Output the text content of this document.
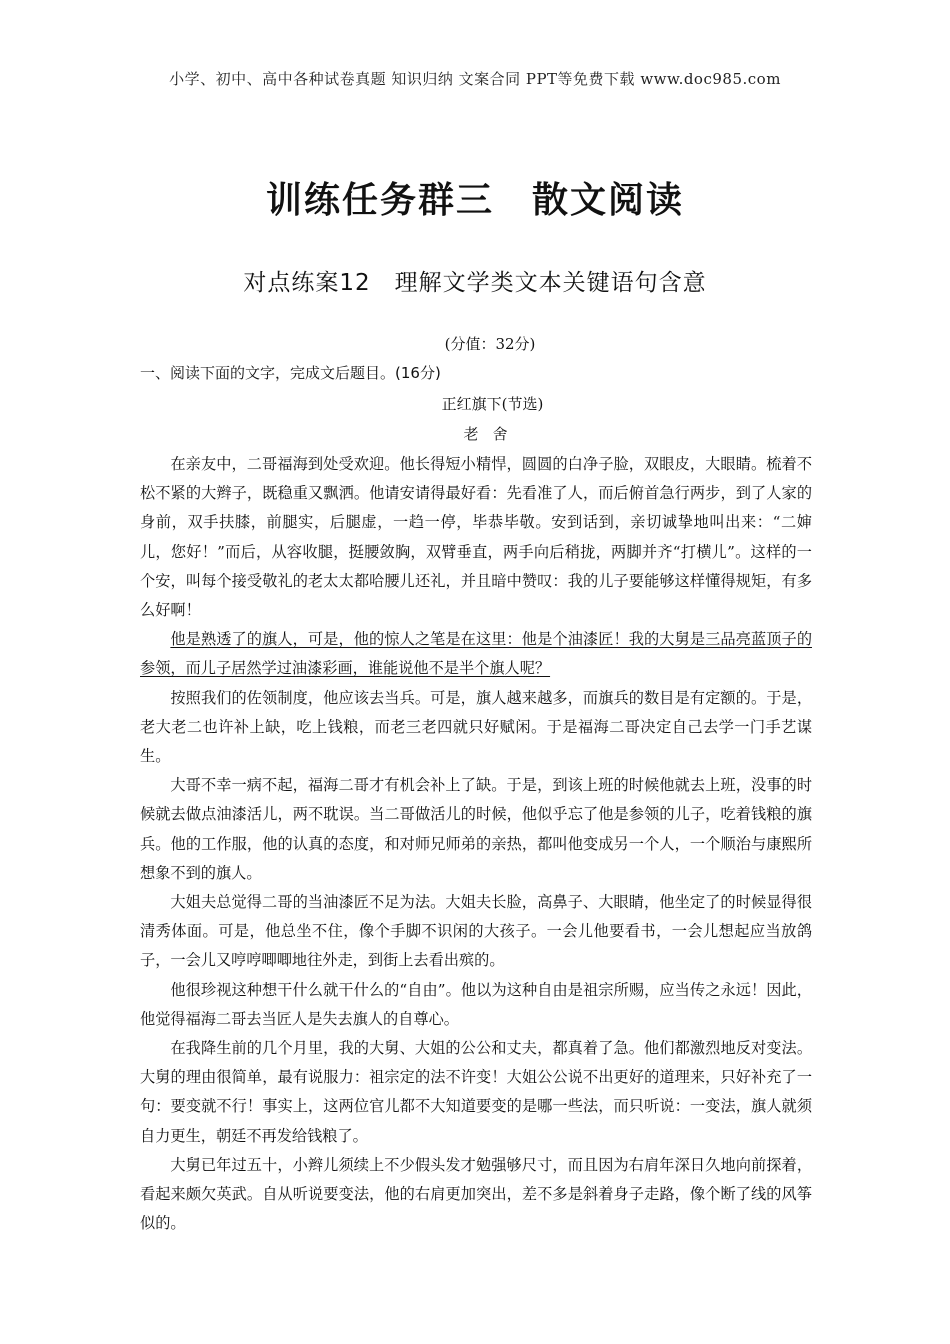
小学、初中、高中各种试卷真题 知识归纳 文案合同 PPT等免费下载 www.doc985.com
训练任务群三　散文阅读
对点练案12　理解文学类文本关键语句含意
(分值：32分)
一、阅读下面的文字，完成文后题目。(16分)
正红旗下(节选)
老舍

在亲友中，二哥福海到处受欢迎。他长得短小精悍，圆圆的白净子脸，双眼皮，大眼睛。梳着不松不紧的大辫子，既稳重又飘洒。他请安请得最好看：先看准了人，而后俯首急行两步，到了人家的身前，双手扶膝，前腿实，后腿虚，一趋一停，毕恭毕敬。安到话到，亲切诚挚地叫出来：“二婶儿，您好！”而后，从容收腿，挺腰敛胸，双臂垂直，两手向后稍拢，两脚并齐“打横儿”。这样的一个安，叫每个接受敬礼的老太太都哈腰儿还礼，并且暗中赞叹：我的儿子要能够这样懂得规矩，有多么好啊！

他是熟透了的旗人，可是，他的惊人之笔是在这里：他是个油漆匠！我的大舅是三品亮蓝顶子的参领，而儿子居然学过油漆彩画，谁能说他不是半个旗人呢？

按照我们的佐领制度，他应该去当兵。可是，旗人越来越多，而旗兵的数目是有定额的。于是，老大老二也许补上缺，吃上钱粮，而老三老四就只好赋闲。于是福海二哥决定自己去学一门手艺谋生。

大哥不幸一病不起，福海二哥才有机会补上了缺。于是，到该上班的时候他就去上班，没事的时候就去做点油漆活儿，两不耽误。当二哥做活儿的时候，他似乎忘了他是参领的儿子，吃着钱粮的旗兵。他的工作服，他的认真的态度，和对师兄师弟的亲热，都叫他变成另一个人，一个顺治与康熙所想象不到的旗人。

大姐夫总觉得二哥的当油漆匠不足为法。大姐夫长脸，高鼻子、大眼睛，他坐定了的时候显得很清秀体面。可是，他总坐不住，像个手脚不识闲的大孩子。一会儿他要看书，一会儿想起应当放鸽子，一会儿又哼哼唧唧地往外走，到街上去看出殡的。

他很珍视这种想干什么就干什么的“自由”。他以为这种自由是祖宗所赐，应当传之永远！因此，他觉得福海二哥去当匠人是失去旗人的自尊心。

在我降生前的几个月里，我的大舅、大姐的公公和丈夫，都真着了急。他们都激烈地反对变法。大舅的理由很简单，最有说服力：祖宗定的法不许变！大姐公公说不出更好的道理来，只好补充了一句：要变就不行！事实上，这两位官儿都不大知道要变的是哪一些法，而只听说：一变法，旗人就须自力更生，朝廷不再发给钱粮了。

大舅已年过五十，小辫儿须续上不少假头发才勉强够尺寸，而且因为右肩年深日久地向前探着，看起来颇欠英武。自从听说要变法，他的右肩更加突出，差不多是斜着身子走路，像个断了线的风筝似的。
